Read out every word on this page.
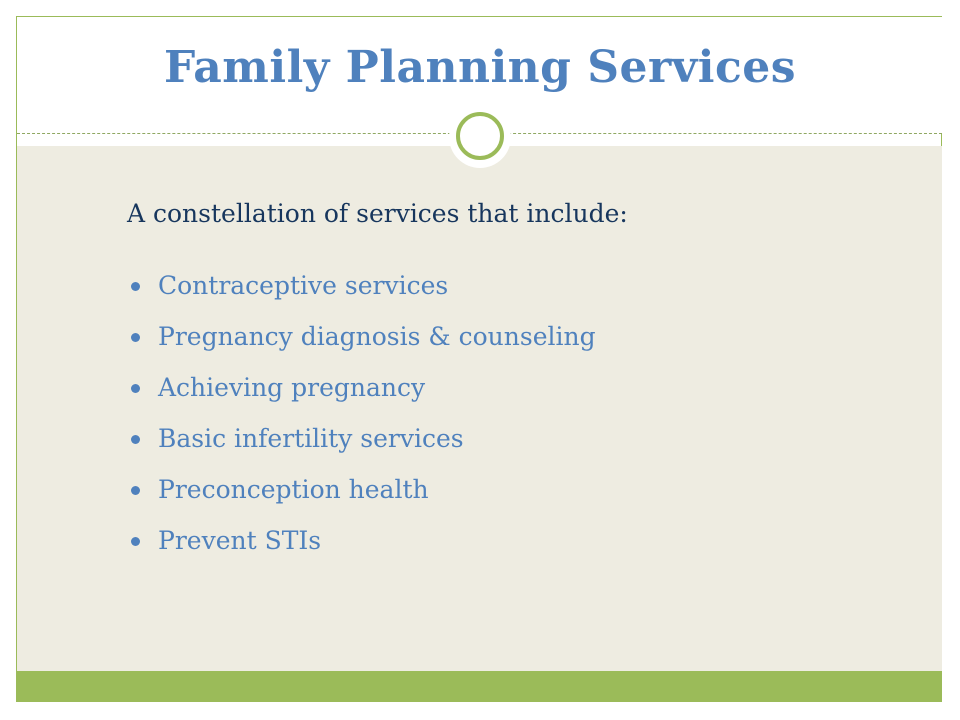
Family Planning Services
A constellation of services that include:
Contraceptive services
Pregnancy diagnosis & counseling
Achieving pregnancy
Basic infertility services
Preconception health
Prevent STIs
